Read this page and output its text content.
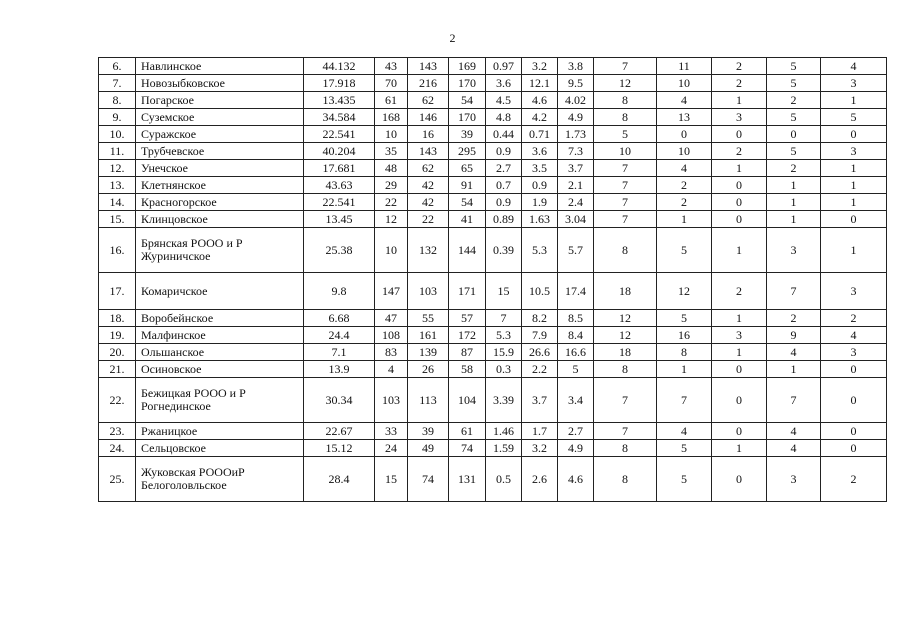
2
6.	Навлинское	44.132	43	143	169	0.97	3.2	3.8	7	11	2	5	4
7.	Новозыбковское	17.918	70	216	170	3.6	12.1	9.5	12	10	2	5	3
8.	Погарское	13.435	61	62	54	4.5	4.6	4.02	8	4	1	2	1
9.	Суземское	34.584	168	146	170	4.8	4.2	4.9	8	13	3	5	5
10.	Суражское	22.541	10	16	39	0.44	0.71	1.73	5	0	0	0	0
11.	Трубчевское	40.204	35	143	295	0.9	3.6	7.3	10	10	2	5	3
12.	Унечское	17.681	48	62	65	2.7	3.5	3.7	7	4	1	2	1
13.	Клетнянское	43.63	29	42	91	0.7	0.9	2.1	7	2	0	1	1
14.	Красногорское	22.541	22	42	54	0.9	1.9	2.4	7	2	0	1	1
15.	Клинцовское	13.45	12	22	41	0.89	1.63	3.04	7	1	0	1	0
16.	Брянская РООО и Р Журиничское	25.38	10	132	144	0.39	5.3	5.7	8	5	1	3	1
17.	Комаричское	9.8	147	103	171	15	10.5	17.4	18	12	2	7	3
18.	Воробейнское	6.68	47	55	57	7	8.2	8.5	12	5	1	2	2
19.	Малфинское	24.4	108	161	172	5.3	7.9	8.4	12	16	3	9	4
20.	Ольшанское	7.1	83	139	87	15.9	26.6	16.6	18	8	1	4	3
21.	Осиновское	13.9	4	26	58	0.3	2.2	5	8	1	0	1	0
22.	Бежицкая РООО и Р Рогнединское	30.34	103	113	104	3.39	3.7	3.4	7	7	0	7	0
23.	Ржаницкое	22.67	33	39	61	1.46	1.7	2.7	7	4	0	4	0
24.	Сельцовское	15.12	24	49	74	1.59	3.2	4.9	8	5	1	4	0
25.	Жуковская РОООиР Белоголовльское	28.4	15	74	131	0.5	2.6	4.6	8	5	0	3	2
